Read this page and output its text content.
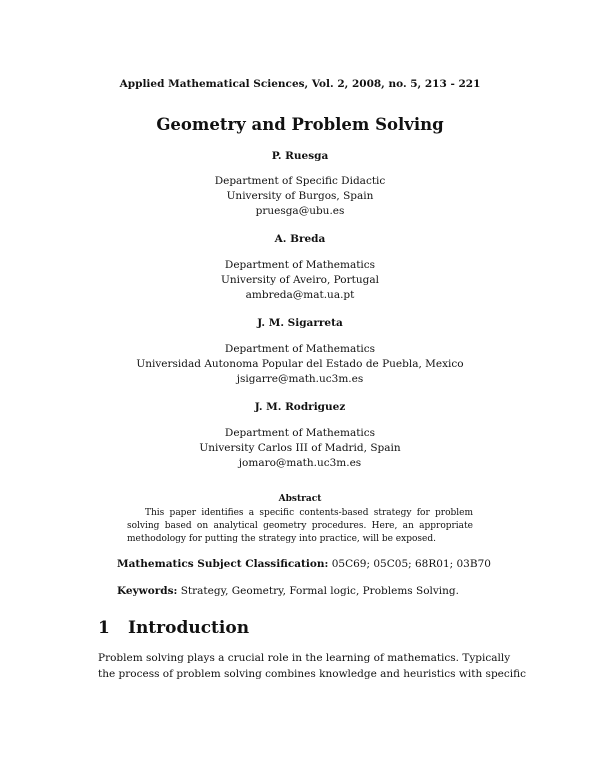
Applied Mathematical Sciences, Vol. 2, 2008, no. 5, 213 - 221
Geometry and Problem Solving
P. Ruesga
Department of Specific Didactic
University of Burgos, Spain
pruesga@ubu.es
A. Breda
Department of Mathematics
University of Aveiro, Portugal
ambreda@mat.ua.pt
J. M. Sigarreta
Department of Mathematics
Universidad Autonoma Popular del Estado de Puebla, Mexico
jsigarre@math.uc3m.es
J. M. Rodriguez
Department of Mathematics
University Carlos III of Madrid, Spain
jomaro@math.uc3m.es
Abstract
This paper identifies a specific contents-based strategy for problem solving based on analytical geometry procedures. Here, an appropriate methodology for putting the strategy into practice, will be exposed.
Mathematics Subject Classification: 05C69; 05C05; 68R01; 03B70
Keywords: Strategy, Geometry, Formal logic, Problems Solving.
1 Introduction
Problem solving plays a crucial role in the learning of mathematics. Typically
the process of problem solving combines knowledge and heuristics with specific
